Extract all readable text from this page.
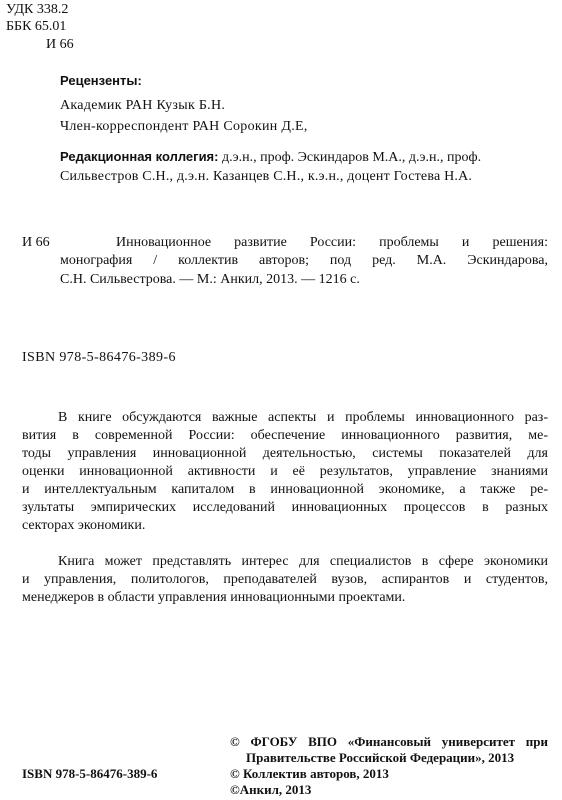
УДК 338.2
ББК 65.01
И 66
Рецензенты:
Академик РАН Кузык Б.Н.
Член-корреспондент РАН Сорокин Д.Е,
Редакционная коллегия: д.э.н., проф. Эскиндаров М.А., д.э.н., проф.
Сильвестров С.Н., д.э.н. Казанцев С.Н., к.э.н., доцент Гостева Н.А.
И 66	Инновационное развитие России: проблемы и решения:
монография / коллектив авторов; под ред. М.А. Эскиндарова,
С.Н. Сильвестрова. — М.: Анкил, 2013. — 1216 с.
ISBN 978-5-86476-389-6
В книге обсуждаются важные аспекты и проблемы инновационного раз-
вития в современной России: обеспечение инновационного развития, ме-
тоды управления инновационной деятельностью, системы показателей для
оценки инновационной активности и её результатов, управление знаниями
и интеллектуальным капиталом в инновационной экономике, а также ре-
зультаты эмпирических исследований инновационных процессов в разных
секторах экономики.
Книга может представлять интерес для специалистов в сфере экономики
и управления, политологов, преподавателей вузов, аспирантов и студентов,
менеджеров в области управления инновационными проектами.
© ФГОБУ ВПО «Финансовый университет при
Правительстве Российской Федерации», 2013
© Коллектив авторов, 2013
©Анкил, 2013
ISBN 978-5-86476-389-6
